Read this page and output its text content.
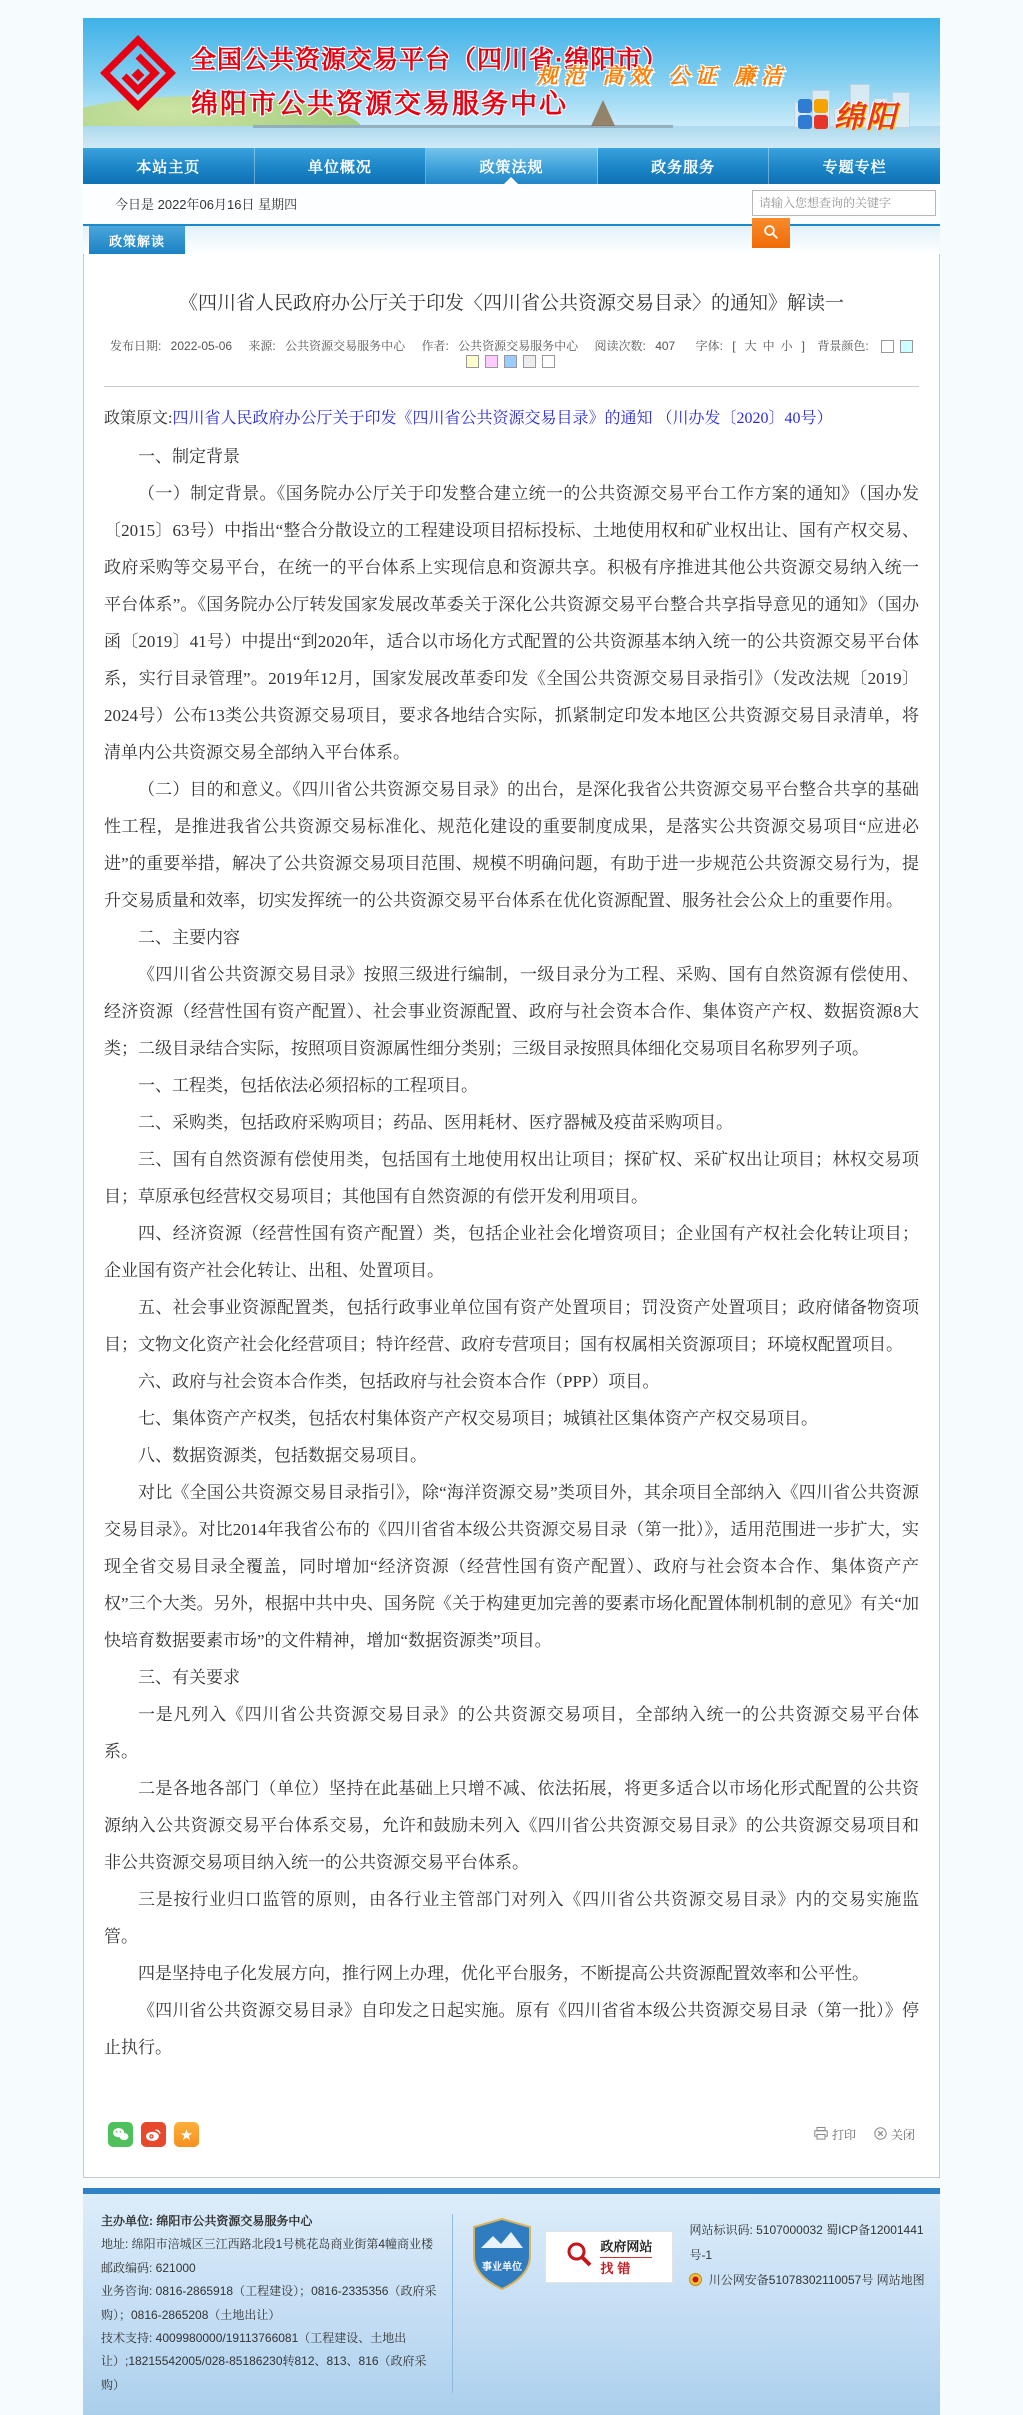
全国公共资源交易平台（四川省·绵阳市）
绵阳市公共资源交易服务中心
规范 高效 公证 廉洁
绵阳
本站主页	单位概况	政策法规	政务服务	专题专栏
今日是 2022年06月16日 星期四
请输入您想查询的关键字
政策解读
《四川省人民政府办公厅关于印发〈四川省公共资源交易目录〉的通知》解读一
发布日期: 2022-05-06 来源: 公共资源交易服务中心 作者: 公共资源交易服务中心 阅读次数: 407 字体: [ 大 中 小 ] 背景颜色:
政策原文:四川省人民政府办公厅关于印发《四川省公共资源交易目录》的通知 （川办发〔2020〕40号）
一、制定背景
（一）制定背景。《国务院办公厅关于印发整合建立统一的公共资源交易平台工作方案的通知》（国办发〔2015〕63号）中指出“整合分散设立的工程建设项目招标投标、土地使用权和矿业权出让、国有产权交易、政府采购等交易平台，在统一的平台体系上实现信息和资源共享。积极有序推进其他公共资源交易纳入统一平台体系”。《国务院办公厅转发国家发展改革委关于深化公共资源交易平台整合共享指导意见的通知》（国办函〔2019〕41号）中提出“到2020年，适合以市场化方式配置的公共资源基本纳入统一的公共资源交易平台体系，实行目录管理”。2019年12月，国家发展改革委印发《全国公共资源交易目录指引》（发改法规〔2019〕2024号）公布13类公共资源交易项目，要求各地结合实际，抓紧制定印发本地区公共资源交易目录清单，将清单内公共资源交易全部纳入平台体系。
（二）目的和意义。《四川省公共资源交易目录》的出台，是深化我省公共资源交易平台整合共享的基础性工程，是推进我省公共资源交易标准化、规范化建设的重要制度成果，是落实公共资源交易项目“应进必进”的重要举措，解决了公共资源交易项目范围、规模不明确问题，有助于进一步规范公共资源交易行为，提升交易质量和效率，切实发挥统一的公共资源交易平台体系在优化资源配置、服务社会公众上的重要作用。
二、主要内容
《四川省公共资源交易目录》按照三级进行编制，一级目录分为工程、采购、国有自然资源有偿使用、经济资源（经营性国有资产配置）、社会事业资源配置、政府与社会资本合作、集体资产产权、数据资源8大类；二级目录结合实际，按照项目资源属性细分类别；三级目录按照具体细化交易项目名称罗列子项。
一、工程类，包括依法必须招标的工程项目。
二、采购类，包括政府采购项目；药品、医用耗材、医疗器械及疫苗采购项目。
三、国有自然资源有偿使用类，包括国有土地使用权出让项目；探矿权、采矿权出让项目；林权交易项目；草原承包经营权交易项目；其他国有自然资源的有偿开发利用项目。
四、经济资源（经营性国有资产配置）类，包括企业社会化增资项目；企业国有产权社会化转让项目；企业国有资产社会化转让、出租、处置项目。
五、社会事业资源配置类，包括行政事业单位国有资产处置项目；罚没资产处置项目；政府储备物资项目；文物文化资产社会化经营项目；特许经营、政府专营项目；国有权属相关资源项目；环境权配置项目。
六、政府与社会资本合作类，包括政府与社会资本合作（PPP）项目。
七、集体资产产权类，包括农村集体资产产权交易项目；城镇社区集体资产产权交易项目。
八、数据资源类，包括数据交易项目。
对比《全国公共资源交易目录指引》，除“海洋资源交易”类项目外，其余项目全部纳入《四川省公共资源交易目录》。对比2014年我省公布的《四川省省本级公共资源交易目录（第一批）》，适用范围进一步扩大，实现全省交易目录全覆盖，同时增加“经济资源（经营性国有资产配置）、政府与社会资本合作、集体资产产权”三个大类。另外，根据中共中央、国务院《关于构建更加完善的要素市场化配置体制机制的意见》有关“加快培育数据要素市场”的文件精神，增加“数据资源类”项目。
三、有关要求
一是凡列入《四川省公共资源交易目录》的公共资源交易项目，全部纳入统一的公共资源交易平台体系。
二是各地各部门（单位）坚持在此基础上只增不减、依法拓展，将更多适合以市场化形式配置的公共资源纳入公共资源交易平台体系交易，允许和鼓励未列入《四川省公共资源交易目录》的公共资源交易项目和非公共资源交易项目纳入统一的公共资源交易平台体系。
三是按行业归口监管的原则，由各行业主管部门对列入《四川省公共资源交易目录》内的交易实施监管。
四是坚持电子化发展方向，推行网上办理，优化平台服务，不断提高公共资源配置效率和公平性。
《四川省公共资源交易目录》自印发之日起实施。原有《四川省省本级公共资源交易目录（第一批）》停止执行。
★	打印	关闭
主办单位: 绵阳市公共资源交易服务中心
地址: 绵阳市涪城区三江西路北段1号桃花岛商业街第4幢商业楼
邮政编码: 621000
业务咨询: 0816-2865918（工程建设）；0816-2335356（政府采购）；0816-2865208（土地出让）
技术支持: 4009980000/19113766081（工程建设、土地出让）;18215542005/028-85186230转812、813、816（政府采购）
事业单位
政府网站
找错
网站标识码: 5107000032 蜀ICP备12001441号-1
川公网安备51078302110057号 网站地图
